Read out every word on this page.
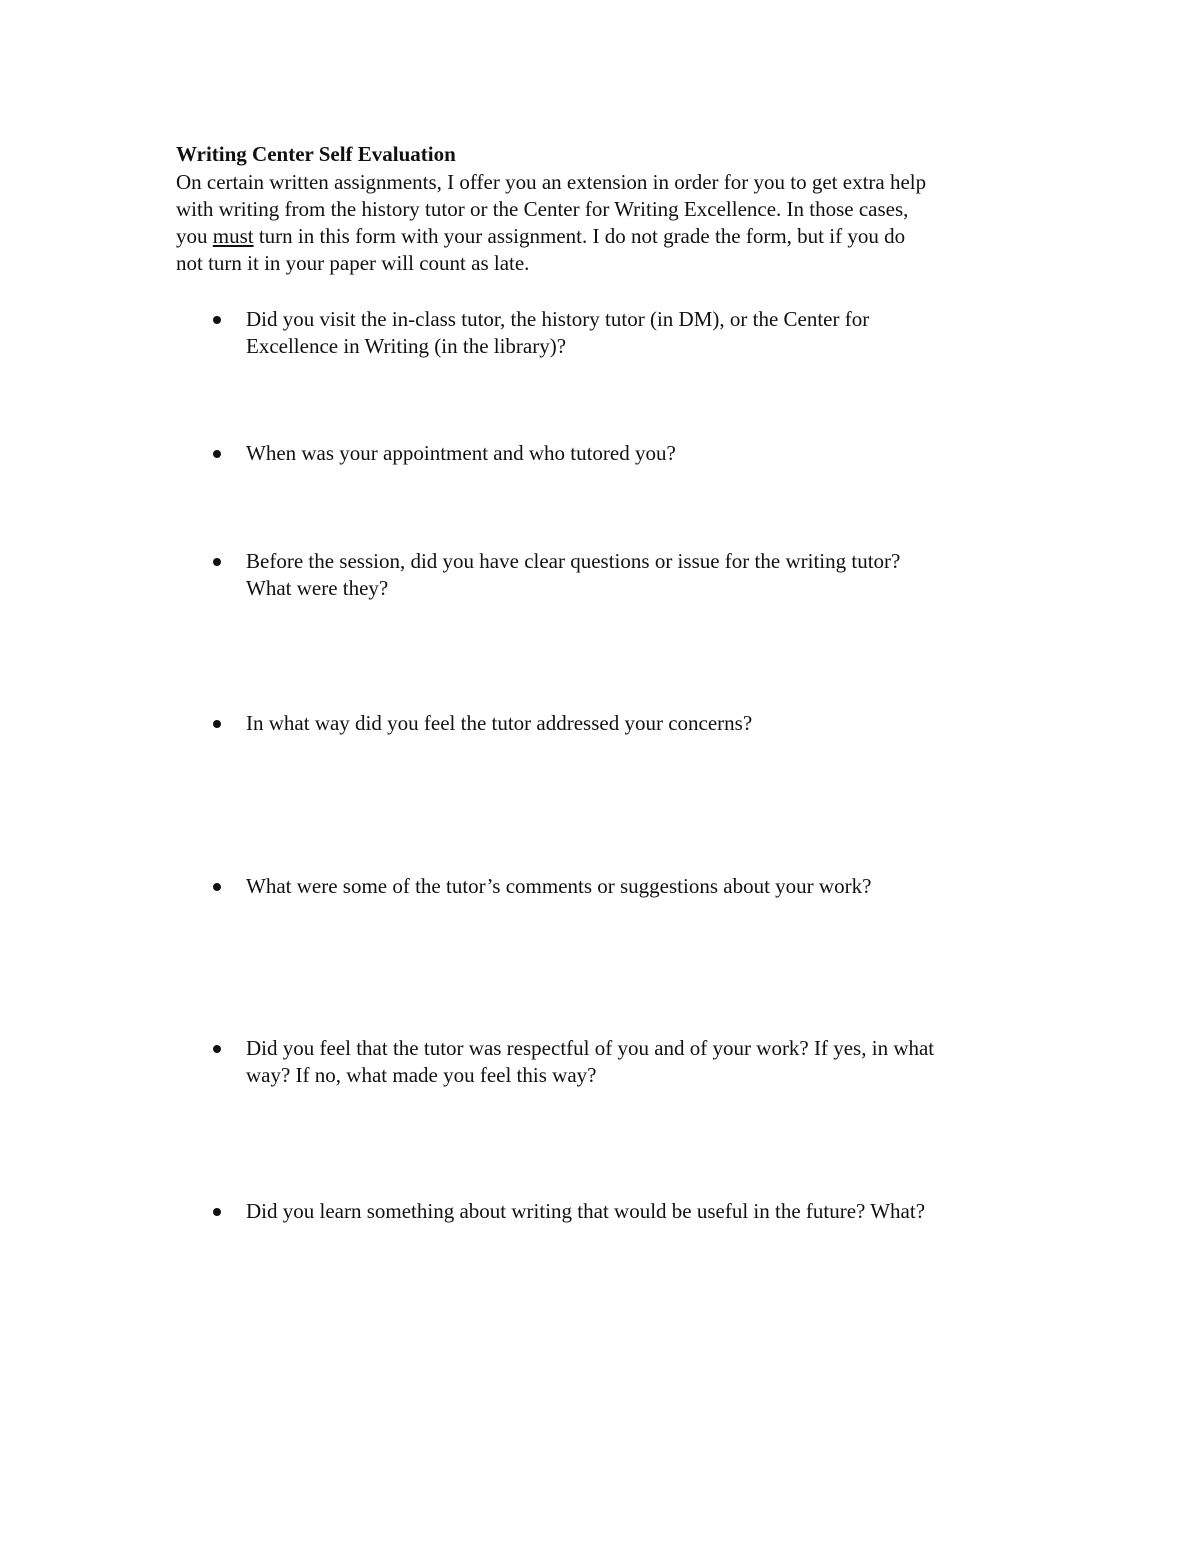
Writing Center Self Evaluation
On certain written assignments, I offer you an extension in order for you to get extra help
with writing from the history tutor or the Center for Writing Excellence. In those cases,
you must turn in this form with your assignment. I do not grade the form, but if you do
not turn it in your paper will count as late.
Did you visit the in-class tutor, the history tutor (in DM), or the Center for
Excellence in Writing (in the library)?
When was your appointment and who tutored you?
Before the session, did you have clear questions or issue for the writing tutor?
What were they?
In what way did you feel the tutor addressed your concerns?
What were some of the tutor’s comments or suggestions about your work?
Did you feel that the tutor was respectful of you and of your work? If yes, in what
way? If no, what made you feel this way?
Did you learn something about writing that would be useful in the future? What?
